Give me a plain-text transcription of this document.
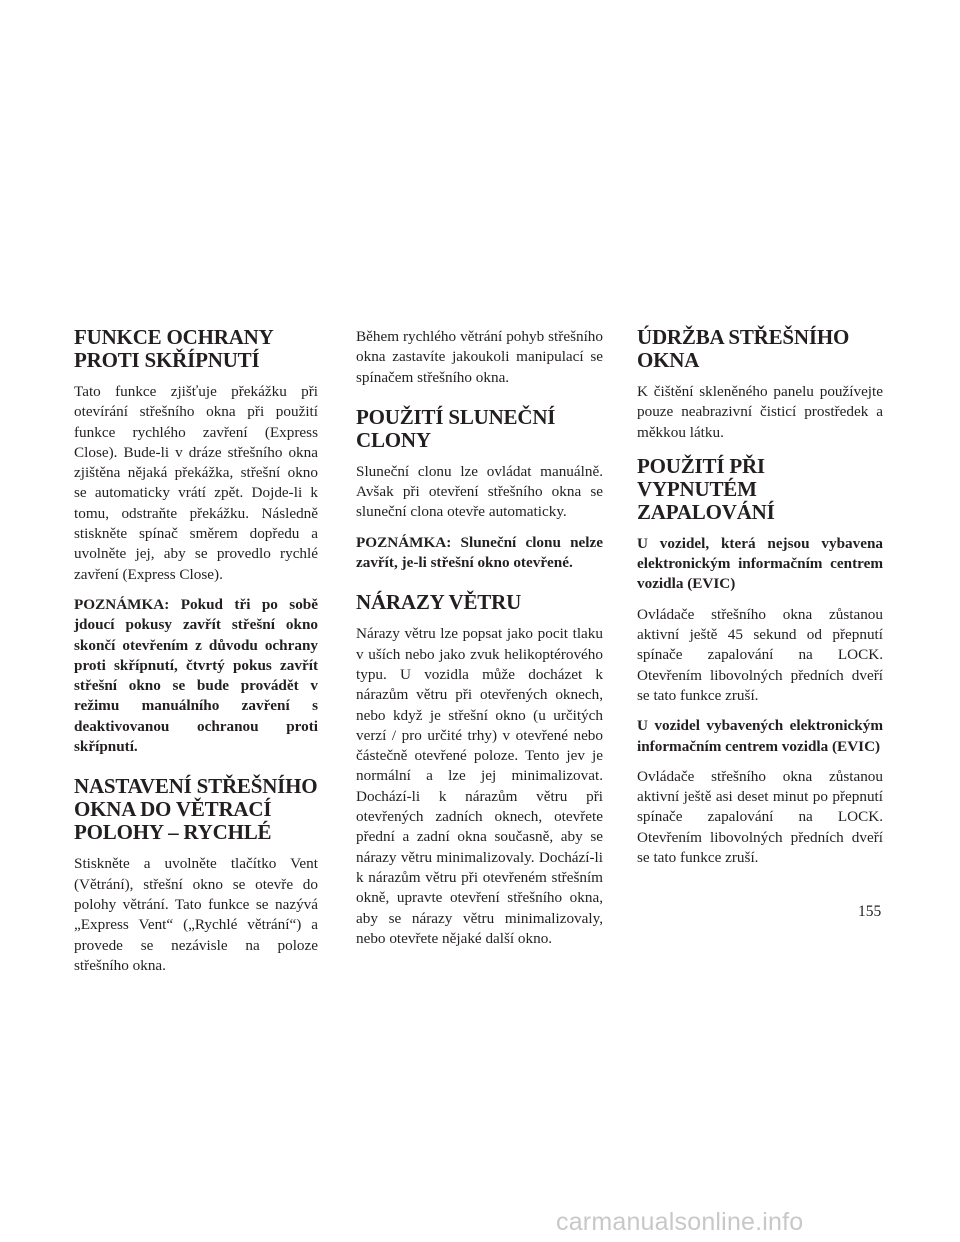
FUNKCE OCHRANY PROTI SKŘÍPNUTÍ

Tato funkce zjišťuje překážku při otevírání střešního okna při použití funkce rychlého zavření (Express Close). Bude-li v dráze střešního okna zjištěna nějaká překážka, střešní okno se automaticky vrátí zpět. Dojde-li k tomu, odstraňte překážku. Následně stiskněte spínač směrem dopředu a uvolněte jej, aby se provedlo rychlé zavření (Express Close).

POZNÁMKA: Pokud tři po sobě jdoucí pokusy zavřít střešní okno skončí otevřením z důvodu ochrany proti skřípnutí, čtvrtý pokus zavřít střešní okno se bude provádět v režimu manuálního zavření s deaktivovanou ochranou proti skřípnutí.

NASTAVENÍ STŘEŠNÍHO OKNA DO VĚTRACÍ POLOHY – RYCHLÉ

Stiskněte a uvolněte tlačítko Vent (Větrání), střešní okno se otevře do polohy větrání. Tato funkce se nazývá „Express Vent“ („Rychlé větrání“) a provede se nezávisle na poloze střešního okna.

Během rychlého větrání pohyb střešního okna zastavíte jakoukoli manipulací se spínačem střešního okna.

POUŽITÍ SLUNEČNÍ CLONY

Sluneční clonu lze ovládat manuálně. Avšak při otevření střešního okna se sluneční clona otevře automaticky.

POZNÁMKA: Sluneční clonu nelze zavřít, je-li střešní okno otevřené.

NÁRAZY VĚTRU

Nárazy větru lze popsat jako pocit tlaku v uších nebo jako zvuk helikoptérového typu. U vozidla může docházet k nárazům větru při otevřených oknech, nebo když je střešní okno (u určitých verzí / pro určité trhy) v otevřené nebo částečně otevřené poloze. Tento jev je normální a lze jej minimalizovat. Dochází-li k nárazům větru při otevřených zadních oknech, otevřete přední a zadní okna současně, aby se nárazy větru minimalizovaly. Dochází-li k nárazům větru při otevřeném střešním okně, upravte otevření střešního okna, aby se nárazy větru minimalizovaly, nebo otevřete nějaké další okno.

ÚDRŽBA STŘEŠNÍHO OKNA

K čištění skleněného panelu používejte pouze neabrazivní čisticí prostředek a měkkou látku.

POUŽITÍ PŘI VYPNUTÉM ZAPALOVÁNÍ

U vozidel, která nejsou vybavena elektronickým informačním centrem vozidla (EVIC)

Ovládače střešního okna zůstanou aktivní ještě 45 sekund od přepnutí spínače zapalování na LOCK. Otevřením libovolných předních dveří se tato funkce zruší.

U vozidel vybavených elektronickým informačním centrem vozidla (EVIC)

Ovládače střešního okna zůstanou aktivní ještě asi deset minut po přepnutí spínače zapalování na LOCK. Otevřením libovolných předních dveří se tato funkce zruší.

155
carmanualsonline.info
